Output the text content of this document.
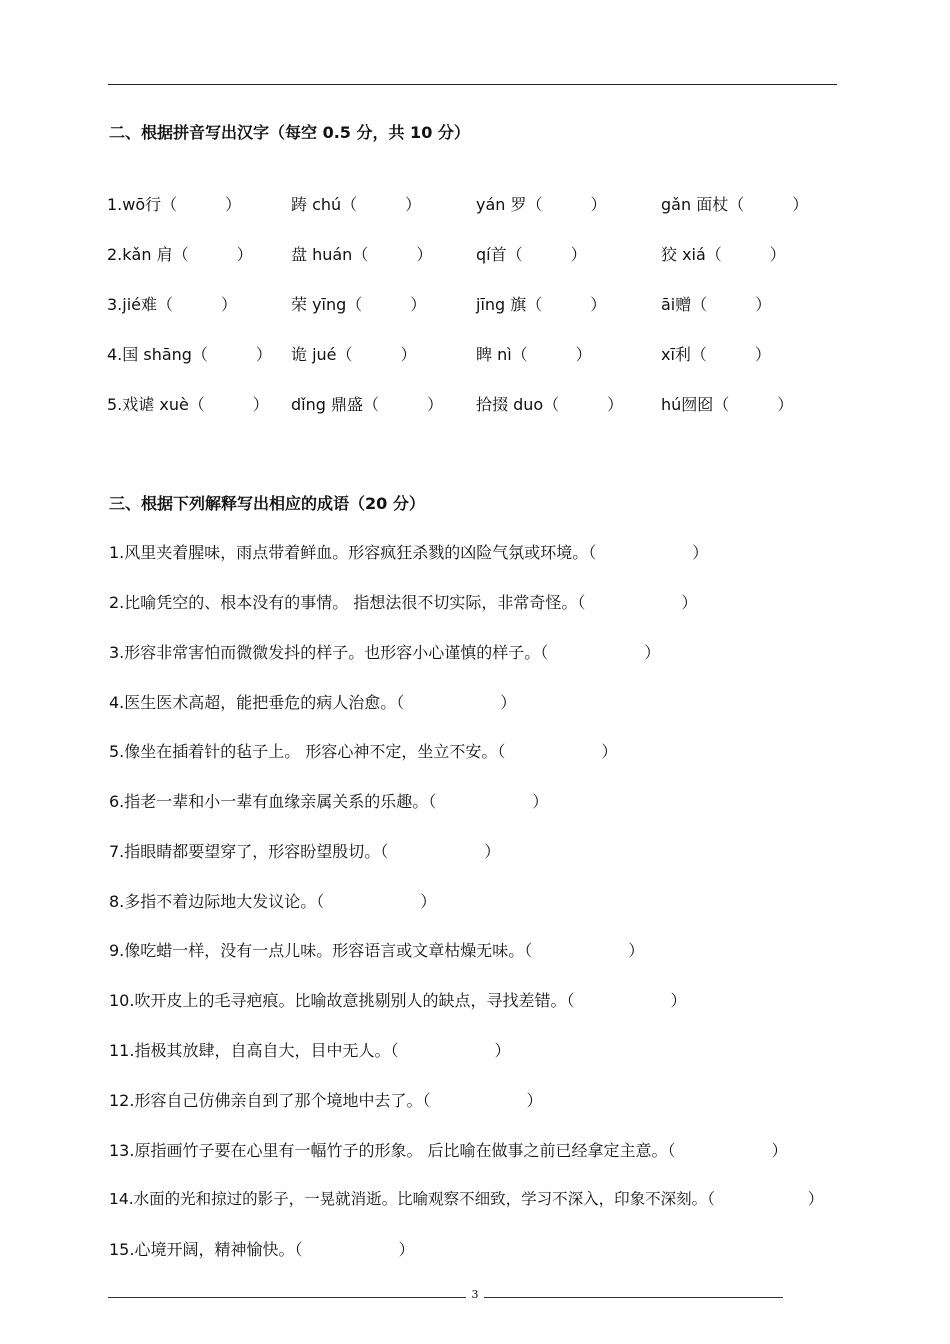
二、根据拼音写出汉字（每空 0.5 分，共 10 分）
1.wō行（　　　）	踌 chú（　　　）	yán 罗（　　　）	gǎn 面杖（　　　）
2.kǎn 肩（　　　） 盘 huán（　　　）	qí首（　　　）	狡 xiá（　　　）
3.jié难（　　　）	荣 yīng（　　　）	jīng 旗（　　　）	āi赠（　　　）
4.国 shāng（　　　） 诡 jué（　　　）	睥 nì（　　　）	xī利（　　　）
5.戏谑 xuè（　　　） dǐng 鼎盛（　　　） 拾掇 duo（　　　） hú囫囵（　　　）
三、根据下列解释写出相应的成语（20 分）
1.风里夹着腥味，雨点带着鲜血。形容疯狂杀戮的凶险气氛或环境。（　　　　　　）
2.比喻凭空的、根本没有的事情。 指想法很不切实际，非常奇怪。（　　　　　　）
3.形容非常害怕而微微发抖的样子。也形容小心谨慎的样子。（　　　　　　）
4.医生医术高超，能把垂危的病人治愈。（　　　　　　）
5.像坐在插着针的毡子上。 形容心神不定，坐立不安。（　　　　　　）
6.指老一辈和小一辈有血缘亲属关系的乐趣。（　　　　　　）
7.指眼睛都要望穿了，形容盼望殷切。（　　　　　　）
8.多指不着边际地大发议论。（　　　　　　）
9.像吃蜡一样，没有一点儿味。形容语言或文章枯燥无味。（　　　　　　）
10.吹开皮上的毛寻疤痕。比喻故意挑剔别人的缺点，寻找差错。（　　　　　　）
11.指极其放肆，自高自大，目中无人。（　　　　　　）
12.形容自己仿佛亲自到了那个境地中去了。（　　　　　　）
13.原指画竹子要在心里有一幅竹子的形象。 后比喻在做事之前已经拿定主意。（　　　　　　）
14.水面的光和掠过的影子，一晃就消逝。比喻观察不细致，学习不深入，印象不深刻。（　　　　　　）
15.心境开阔，精神愉快。（　　　　　　）
3
